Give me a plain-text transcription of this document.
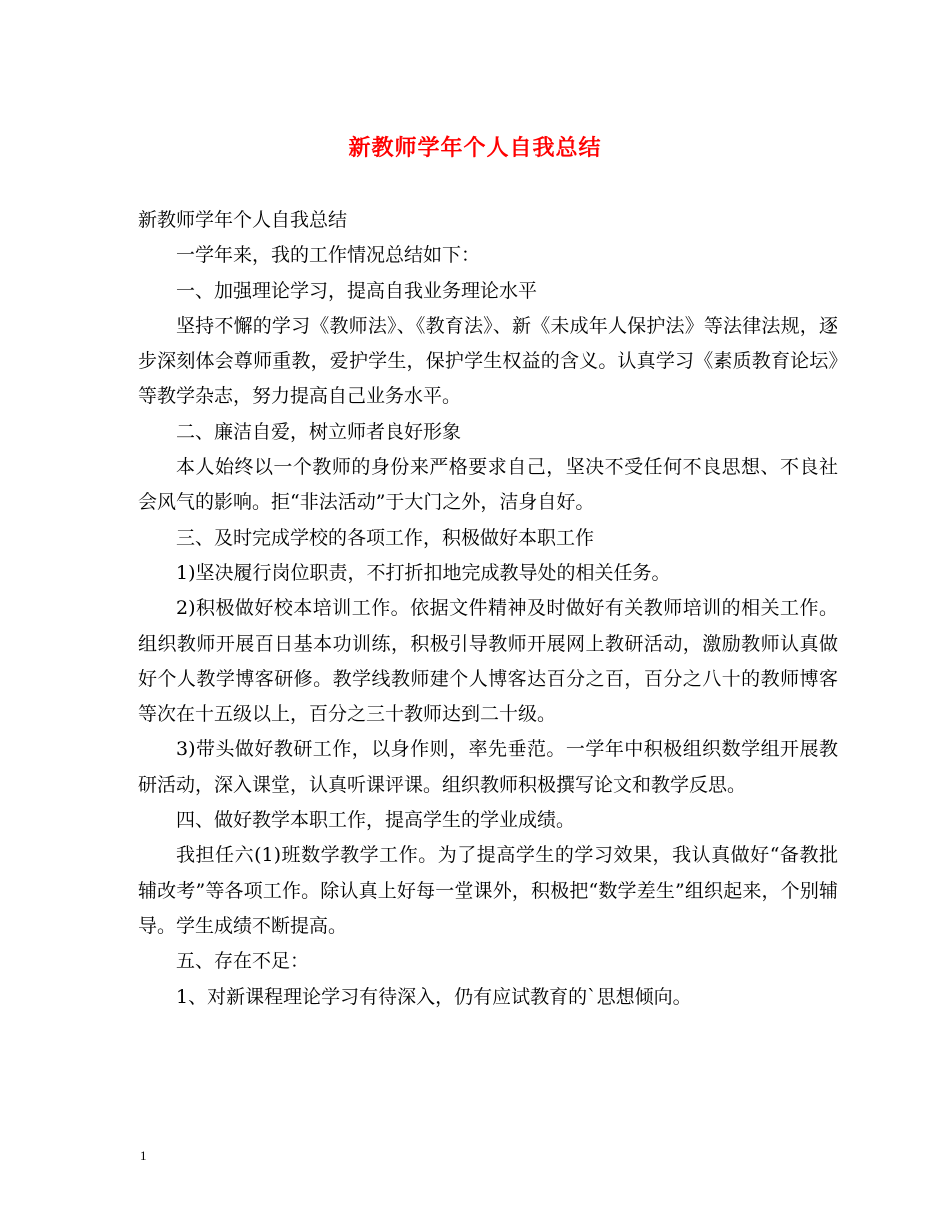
新教师学年个人自我总结

新教师学年个人自我总结

一学年来，我的工作情况总结如下：

一、加强理论学习，提高自我业务理论水平

坚持不懈的学习《教师法》、《教育法》、新《未成年人保护法》等法律法规，逐步深刻体会尊师重教，爱护学生，保护学生权益的含义。认真学习《素质教育论坛》等教学杂志，努力提高自己业务水平。

二、廉洁自爱，树立师者良好形象

本人始终以一个教师的身份来严格要求自己，坚决不受任何不良思想、不良社会风气的影响。拒“非法活动”于大门之外，洁身自好。

三、及时完成学校的各项工作，积极做好本职工作

1)坚决履行岗位职责，不打折扣地完成教导处的相关任务。

2)积极做好校本培训工作。依据文件精神及时做好有关教师培训的相关工作。组织教师开展百日基本功训练，积极引导教师开展网上教研活动，激励教师认真做好个人教学博客研修。教学线教师建个人博客达百分之百，百分之八十的教师博客等次在十五级以上，百分之三十教师达到二十级。

3)带头做好教研工作，以身作则，率先垂范。一学年中积极组织数学组开展教研活动，深入课堂，认真听课评课。组织教师积极撰写论文和教学反思。

四、做好教学本职工作，提高学生的学业成绩。

我担任六(1)班数学教学工作。为了提高学生的学习效果，我认真做好“备教批辅改考”等各项工作。除认真上好每一堂课外，积极把“数学差生”组织起来，个别辅导。学生成绩不断提高。

五、存在不足：

1、对新课程理论学习有待深入，仍有应试教育的`思想倾向。

1
